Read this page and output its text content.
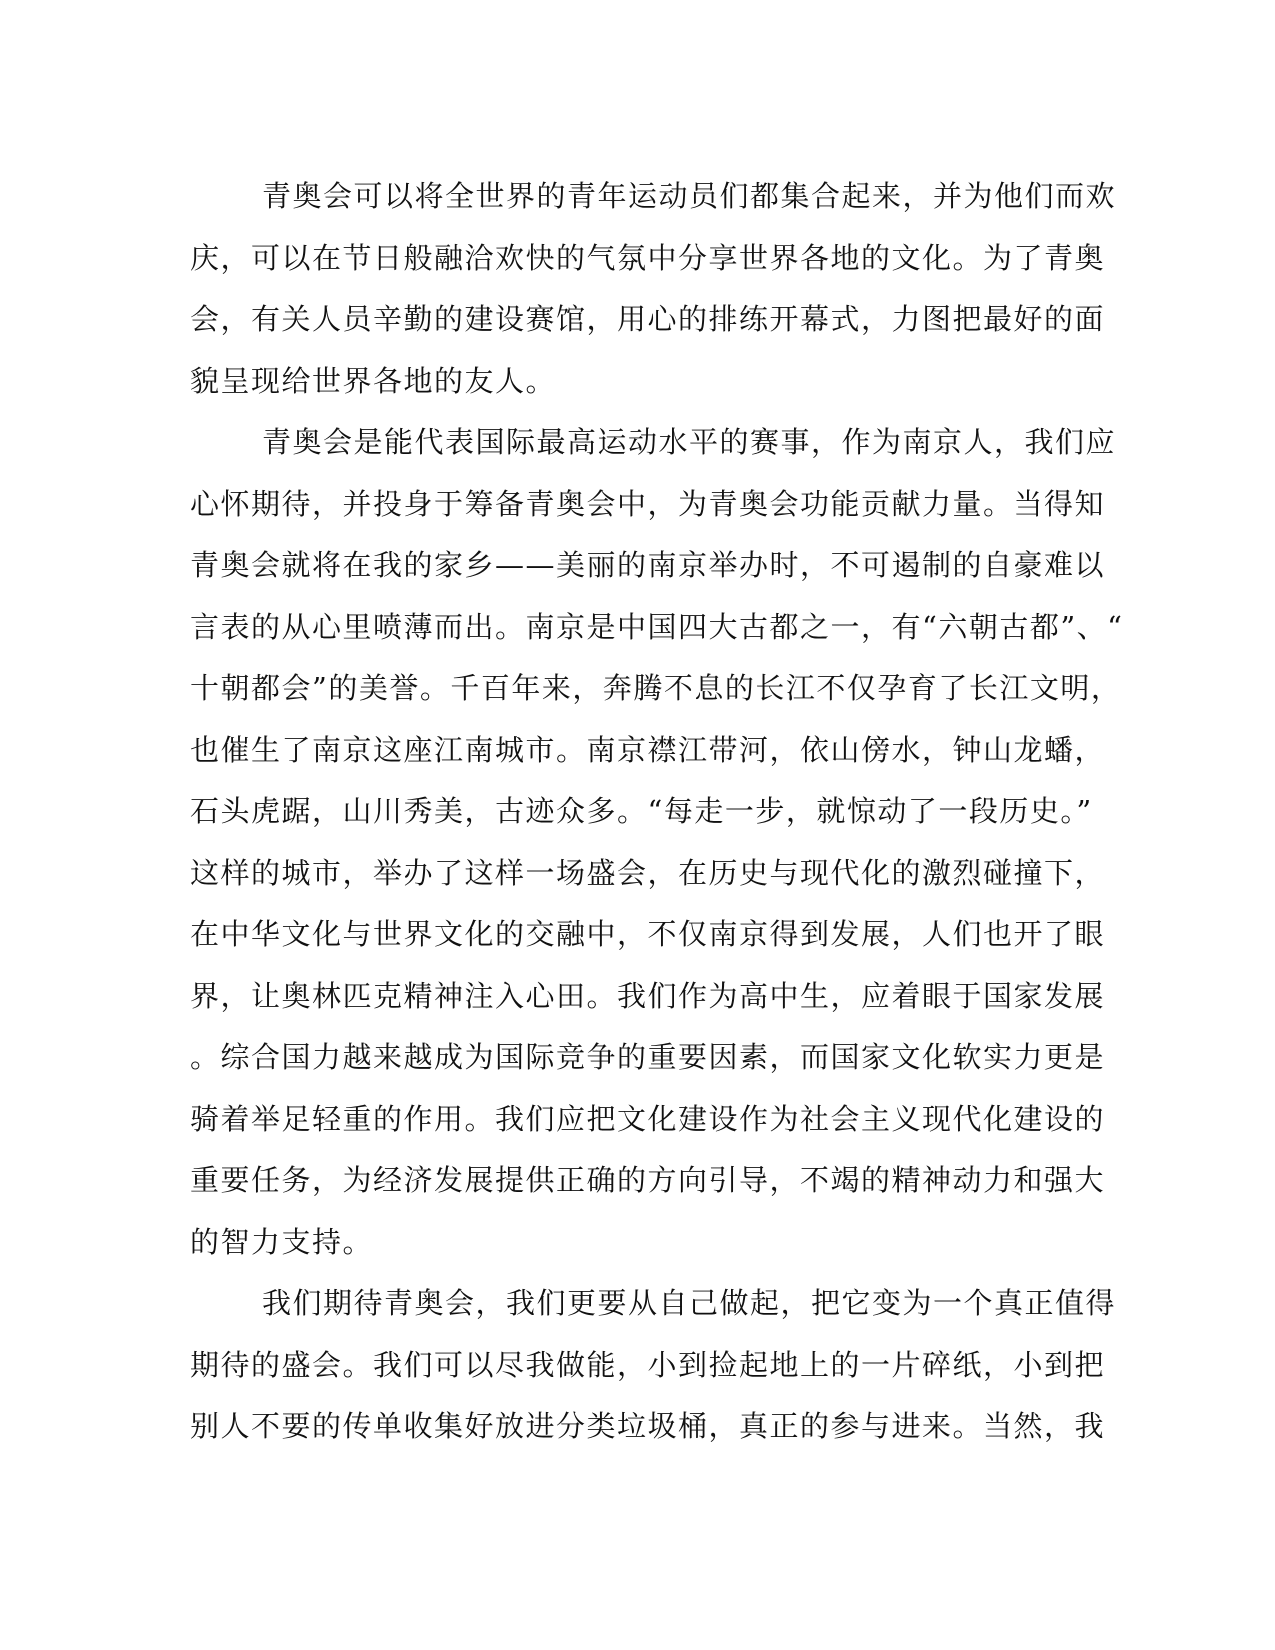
青奥会可以将全世界的青年运动员们都集合起来，并为他们而欢
庆，可以在节日般融洽欢快的气氛中分享世界各地的文化。为了青奥
会，有关人员辛勤的建设赛馆，用心的排练开幕式，力图把最好的面
貌呈现给世界各地的友人。
青奥会是能代表国际最高运动水平的赛事，作为南京人，我们应
心怀期待，并投身于筹备青奥会中，为青奥会功能贡献力量。当得知
青奥会就将在我的家乡——美丽的南京举办时，不可遏制的自豪难以
言表的从心里喷薄而出。南京是中国四大古都之一，有“六朝古都”、“
十朝都会”的美誉。千百年来，奔腾不息的长江不仅孕育了长江文明，
也催生了南京这座江南城市。南京襟江带河，依山傍水，钟山龙蟠，
石头虎踞，山川秀美，古迹众多。“每走一步，就惊动了一段历史。”
这样的城市，举办了这样一场盛会，在历史与现代化的激烈碰撞下，
在中华文化与世界文化的交融中，不仅南京得到发展，人们也开了眼
界，让奥林匹克精神注入心田。我们作为高中生，应着眼于国家发展
。综合国力越来越成为国际竞争的重要因素，而国家文化软实力更是
骑着举足轻重的作用。我们应把文化建设作为社会主义现代化建设的
重要任务，为经济发展提供正确的方向引导，不竭的精神动力和强大
的智力支持。
我们期待青奥会，我们更要从自己做起，把它变为一个真正值得
期待的盛会。我们可以尽我做能，小到捡起地上的一片碎纸，小到把
别人不要的传单收集好放进分类垃圾桶，真正的参与进来。当然，我
